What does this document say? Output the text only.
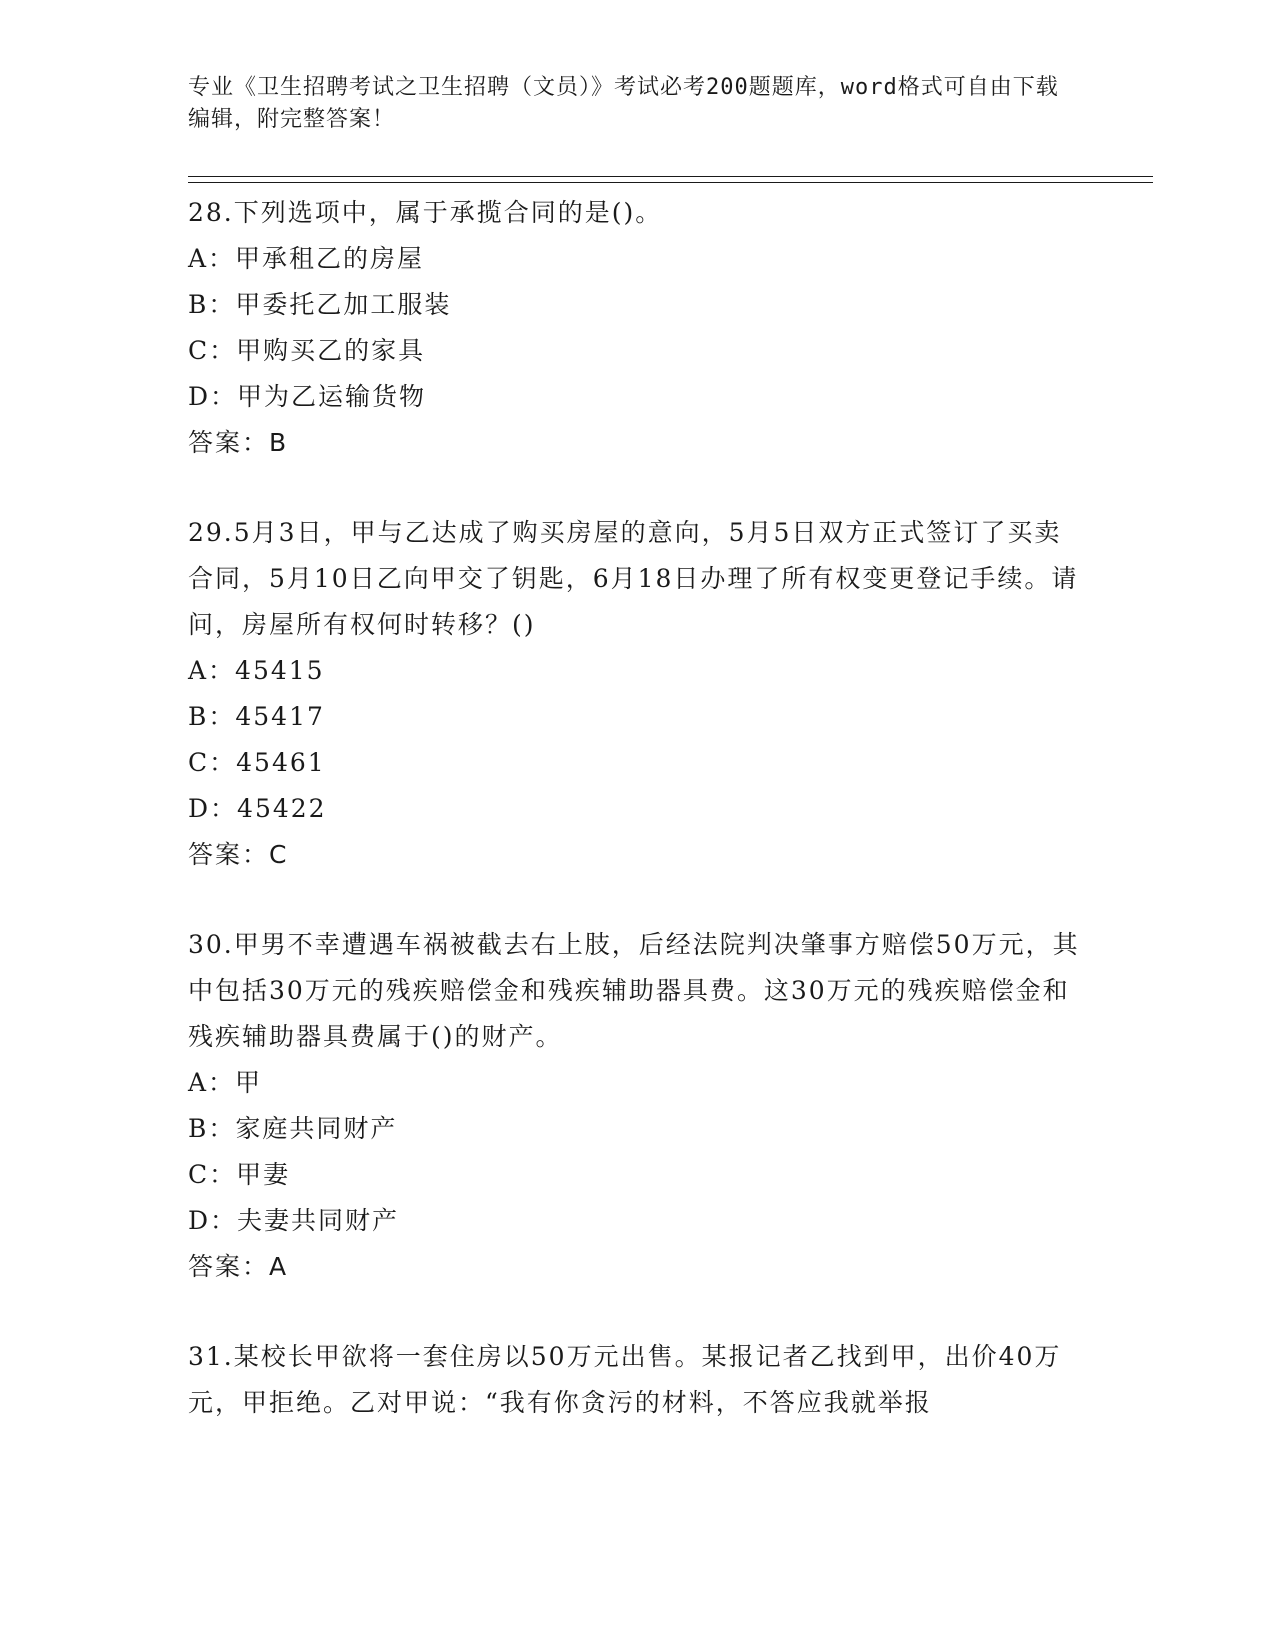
专业《卫生招聘考试之卫生招聘（文员）》考试必考200题题库，word格式可自由下载编辑，附完整答案！
28.下列选项中，属于承揽合同的是()。
A：甲承租乙的房屋
B：甲委托乙加工服装
C：甲购买乙的家具
D：甲为乙运输货物
答案：B
29.5月3日，甲与乙达成了购买房屋的意向，5月5日双方正式签订了买卖合同，5月10日乙向甲交了钥匙，6月18日办理了所有权变更登记手续。请问，房屋所有权何时转移？()
A：45415
B：45417
C：45461
D：45422
答案：C
30.甲男不幸遭遇车祸被截去右上肢，后经法院判决肇事方赔偿50万元，其中包括30万元的残疾赔偿金和残疾辅助器具费。这30万元的残疾赔偿金和残疾辅助器具费属于()的财产。
A：甲
B：家庭共同财产
C：甲妻
D：夫妻共同财产
答案：A
31.某校长甲欲将一套住房以50万元出售。某报记者乙找到甲，出价40万元，甲拒绝。乙对甲说：“我有你贪污的材料，不答应我就举报
